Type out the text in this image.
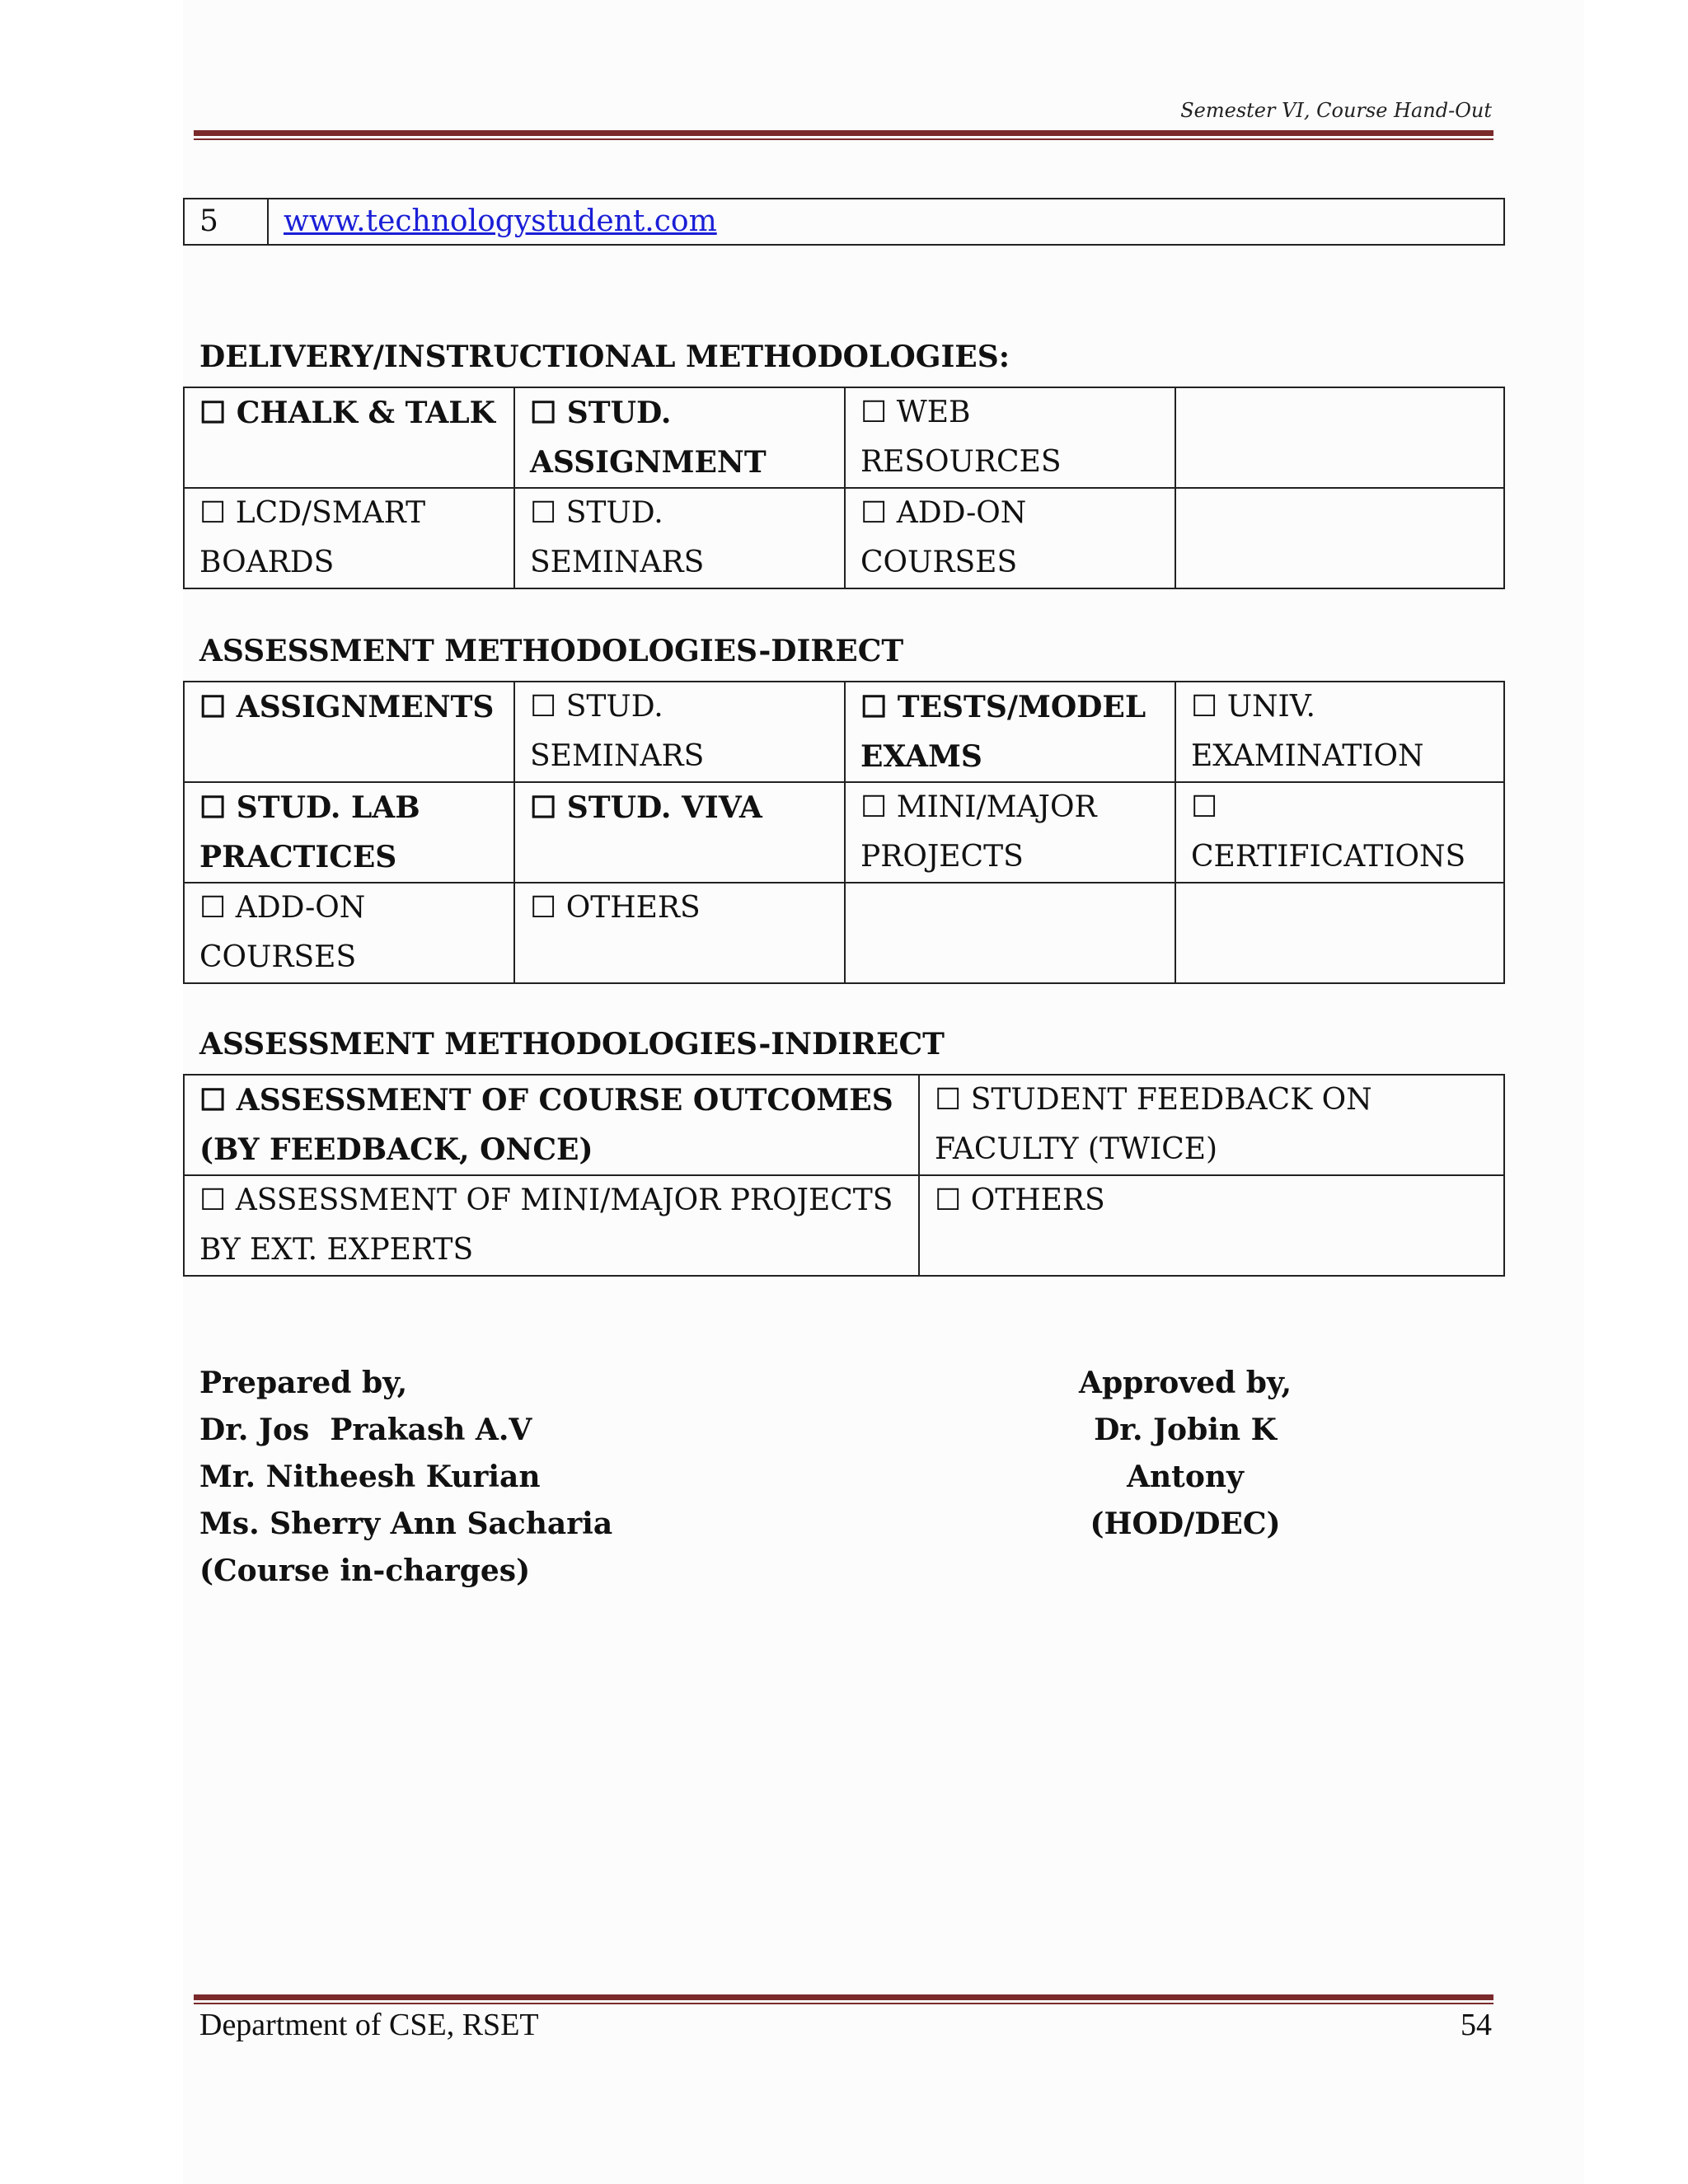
Semester VI, Course Hand-Out
5	www.technologystudent.com
DELIVERY/INSTRUCTIONAL METHODOLOGIES:
☐ CHALK & TALK	☐ STUD. ASSIGNMENT	☐ WEB RESOURCES	
☐ LCD/SMART BOARDS	☐ STUD. SEMINARS	☐ ADD-ON COURSES	
ASSESSMENT METHODOLOGIES-DIRECT
☐ ASSIGNMENTS	☐ STUD. SEMINARS	☐ TESTS/MODEL EXAMS	☐ UNIV. EXAMINATION
☐ STUD. LAB PRACTICES	☐ STUD. VIVA	☐ MINI/MAJOR PROJECTS	☐ CERTIFICATIONS
☐ ADD-ON COURSES	☐ OTHERS		
ASSESSMENT METHODOLOGIES-INDIRECT
☐ ASSESSMENT OF COURSE OUTCOMES (BY FEEDBACK, ONCE)	☐ STUDENT FEEDBACK ON FACULTY (TWICE)
☐ ASSESSMENT OF MINI/MAJOR PROJECTS BY EXT. EXPERTS	☐ OTHERS
Prepared by,
Dr. Jos  Prakash A.V
Mr. Nitheesh Kurian
Ms. Sherry Ann Sacharia
(Course in-charges)
Approved by,
Dr. Jobin K Antony
(HOD/DEC)
Department of CSE, RSET	54
